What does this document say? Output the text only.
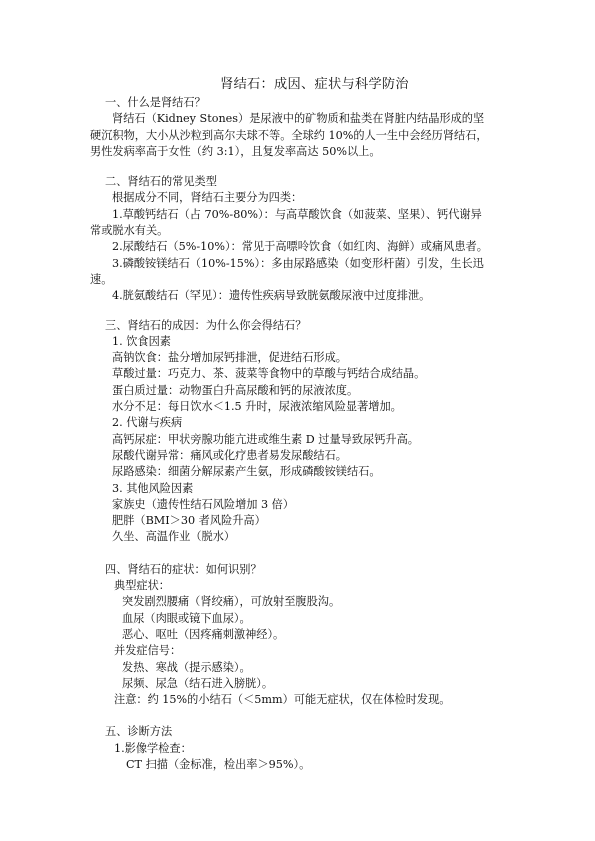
肾结石：成因、症状与科学防治
一、什么是肾结石？
肾结石（Kidney Stones）是尿液中的矿物质和盐类在肾脏内结晶形成的坚
硬沉积物，大小从沙粒到高尔夫球不等。全球约 10%的人一生中会经历肾结石，
男性发病率高于女性（约 3:1），且复发率高达 50%以上。
二、肾结石的常见类型
根据成分不同，肾结石主要分为四类：
1.草酸钙结石（占 70%-80%）：与高草酸饮食（如菠菜、坚果）、钙代谢异
常或脱水有关。
2.尿酸结石（5%-10%）：常见于高嘌呤饮食（如红肉、海鲜）或痛风患者。
3.磷酸铵镁结石（10%-15%）：多由尿路感染（如变形杆菌）引发，生长迅
速。
4.胱氨酸结石（罕见）：遗传性疾病导致胱氨酸尿液中过度排泄。
三、肾结石的成因：为什么你会得结石？
1. 饮食因素
高钠饮食：盐分增加尿钙排泄，促进结石形成。
草酸过量：巧克力、茶、菠菜等食物中的草酸与钙结合成结晶。
蛋白质过量：动物蛋白升高尿酸和钙的尿液浓度。
水分不足：每日饮水＜1.5 升时，尿液浓缩风险显著增加。
2. 代谢与疾病
高钙尿症：甲状旁腺功能亢进或维生素 D 过量导致尿钙升高。
尿酸代谢异常：痛风或化疗患者易发尿酸结石。
尿路感染：细菌分解尿素产生氨，形成磷酸铵镁结石。
3. 其他风险因素
家族史（遗传性结石风险增加 3 倍）
肥胖（BMI＞30 者风险升高）
久坐、高温作业（脱水）
四、肾结石的症状：如何识别？
典型症状：
突发剧烈腰痛（肾绞痛），可放射至腹股沟。
血尿（肉眼或镜下血尿）。
恶心、呕吐（因疼痛刺激神经）。
并发症信号：
发热、寒战（提示感染）。
尿频、尿急（结石进入膀胱）。
注意：约 15%的小结石（＜5mm）可能无症状，仅在体检时发现。
五、诊断方法
1.影像学检查：
CT 扫描（金标准，检出率＞95%）。
